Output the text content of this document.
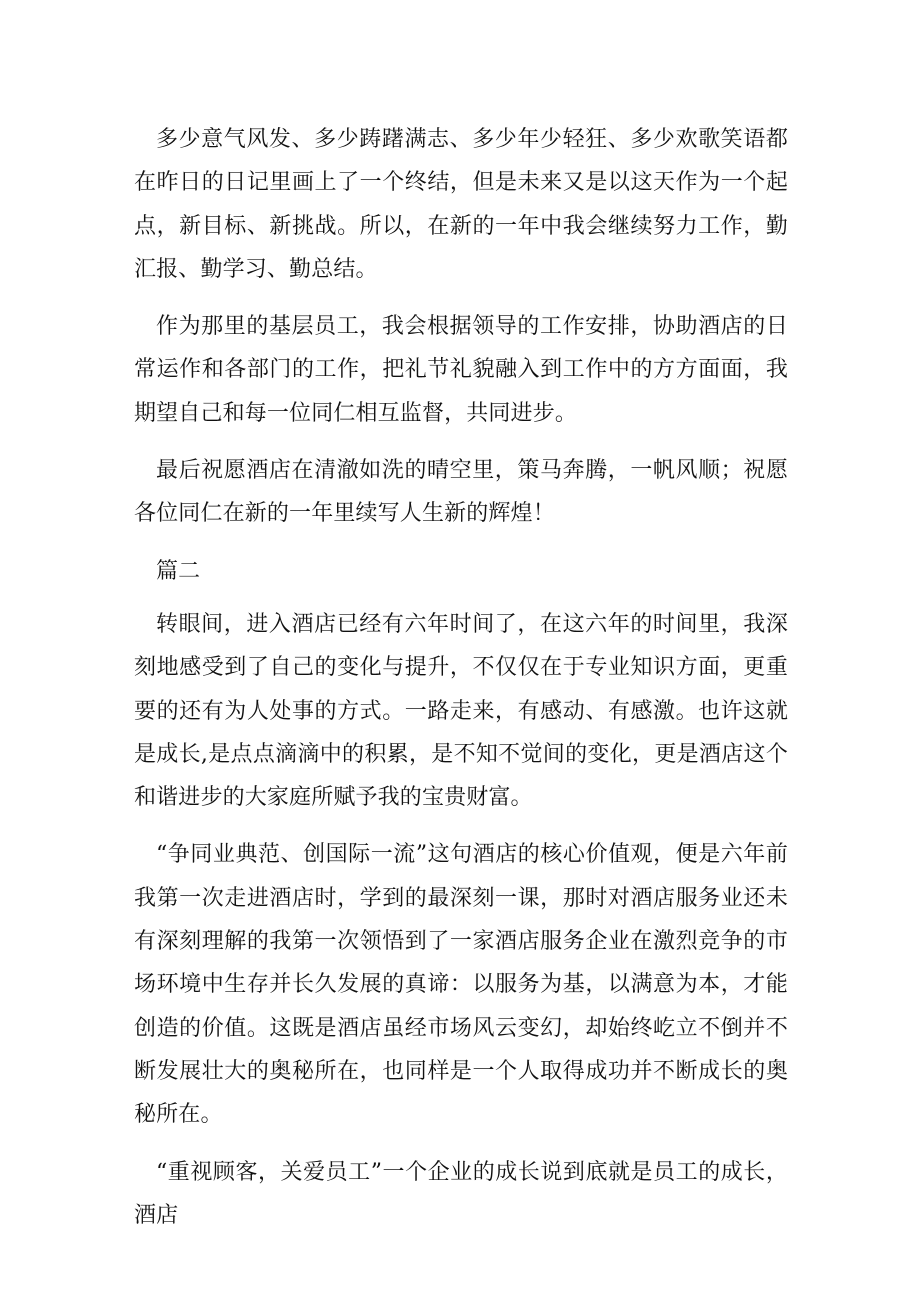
多少意气风发、多少踌躇满志、多少年少轻狂、多少欢歌笑语都在昨日的日记里画上了一个终结，但是未来又是以这天作为一个起点，新目标、新挑战。所以，在新的一年中我会继续努力工作，勤汇报、勤学习、勤总结。

作为那里的基层员工，我会根据领导的工作安排，协助酒店的日常运作和各部门的工作，把礼节礼貌融入到工作中的方方面面，我期望自己和每一位同仁相互监督，共同进步。

最后祝愿酒店在清澈如洗的晴空里，策马奔腾，一帆风顺；祝愿各位同仁在新的一年里续写人生新的辉煌！

篇二

转眼间，进入酒店已经有六年时间了，在这六年的时间里，我深刻地感受到了自己的变化与提升，不仅仅在于专业知识方面，更重要的还有为人处事的方式。一路走来，有感动、有感激。也许这就是成长,是点点滴滴中的积累，是不知不觉间的变化，更是酒店这个和谐进步的大家庭所赋予我的宝贵财富。

“争同业典范、创国际一流”这句酒店的核心价值观，便是六年前我第一次走进酒店时，学到的最深刻一课，那时对酒店服务业还未有深刻理解的我第一次领悟到了一家酒店服务企业在激烈竞争的市场环境中生存并长久发展的真谛：以服务为基，以满意为本，才能创造的价值。这既是酒店虽经市场风云变幻，却始终屹立不倒并不断发展壮大的奥秘所在，也同样是一个人取得成功并不断成长的奥秘所在。

“重视顾客，关爱员工”一个企业的成长说到底就是员工的成长，酒店
